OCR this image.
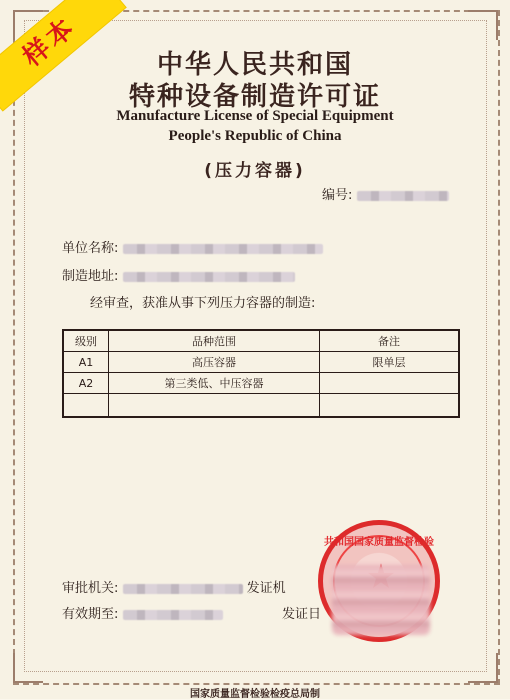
样本	中华人民共和国
特种设备制造许可证
Manufacture License of Special Equipment
People's Republic of China
(压力容器)
编号:
单位名称:
制造地址:
经审查，获准从事下列压力容器的制造:
级别	品种范围	备注
A1	高压容器	限单层
A2	第三类低、中压容器	

审批机关:	发证机
有效期至:	发证日
共和国国家质量监督检验
国家质量监督检验检疫总局制
